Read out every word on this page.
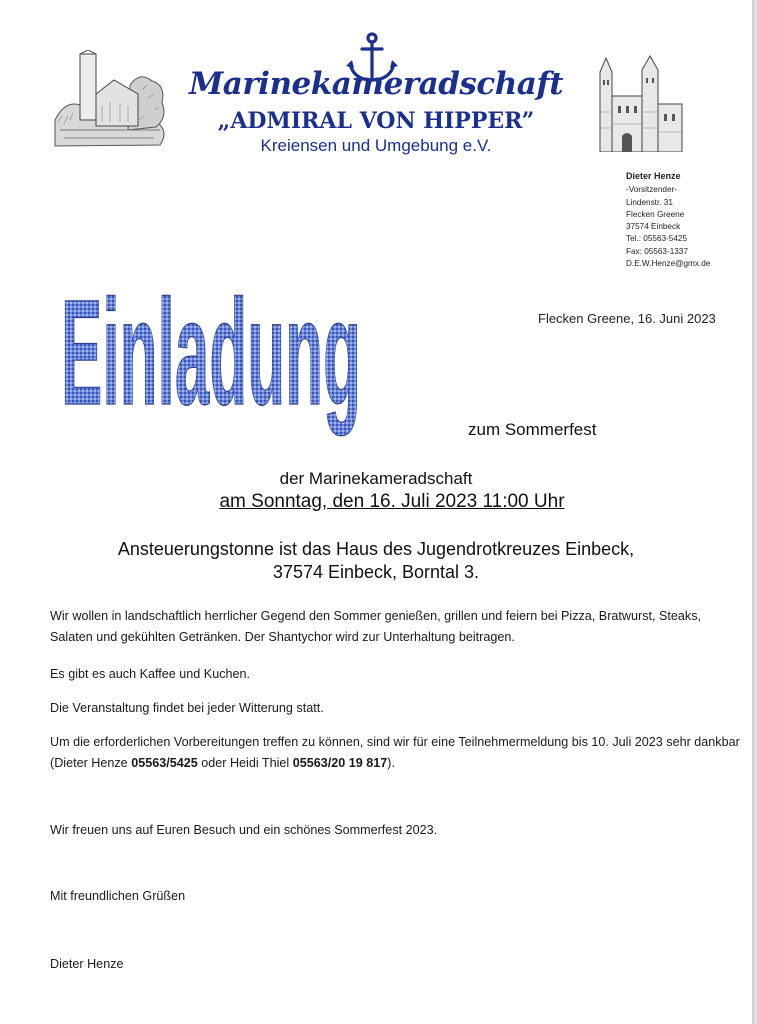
Marinekameradschaft
„ADMIRAL VON HIPPER”
Kreiensen und Umgebung e.V.
Dieter Henze
-Vorsitzender-
Lindenstr. 31
Flecken Greene
37574 Einbeck
Tel.: 05563-5425
Fax: 05563-1337
D.E.W.Henze@gmx.de
Flecken Greene, 16. Juni 2023
Einladung	zum Sommerfest
der Marinekameradschaft
am Sonntag, den 16. Juli 2023 11:00 Uhr
Ansteuerungstonne ist das Haus des Jugendrotkreuzes Einbeck,
37574 Einbeck, Borntal 3.
Wir wollen in landschaftlich herrlicher Gegend den Sommer genießen, grillen und feiern bei Pizza, Bratwurst, Steaks, Salaten und gekühlten Getränken. Der Shantychor wird zur Unterhaltung beitragen.
Es gibt es auch Kaffee und Kuchen.
Die Veranstaltung findet bei jeder Witterung statt.
Um die erforderlichen Vorbereitungen treffen zu können, sind wir für eine Teilnehmermeldung bis 10. Juli 2023 sehr dankbar (Dieter Henze 05563/5425 oder Heidi Thiel 05563/20 19 817).
Wir freuen uns auf Euren Besuch und ein schönes Sommerfest 2023.
Mit freundlichen Grüßen
Dieter Henze
